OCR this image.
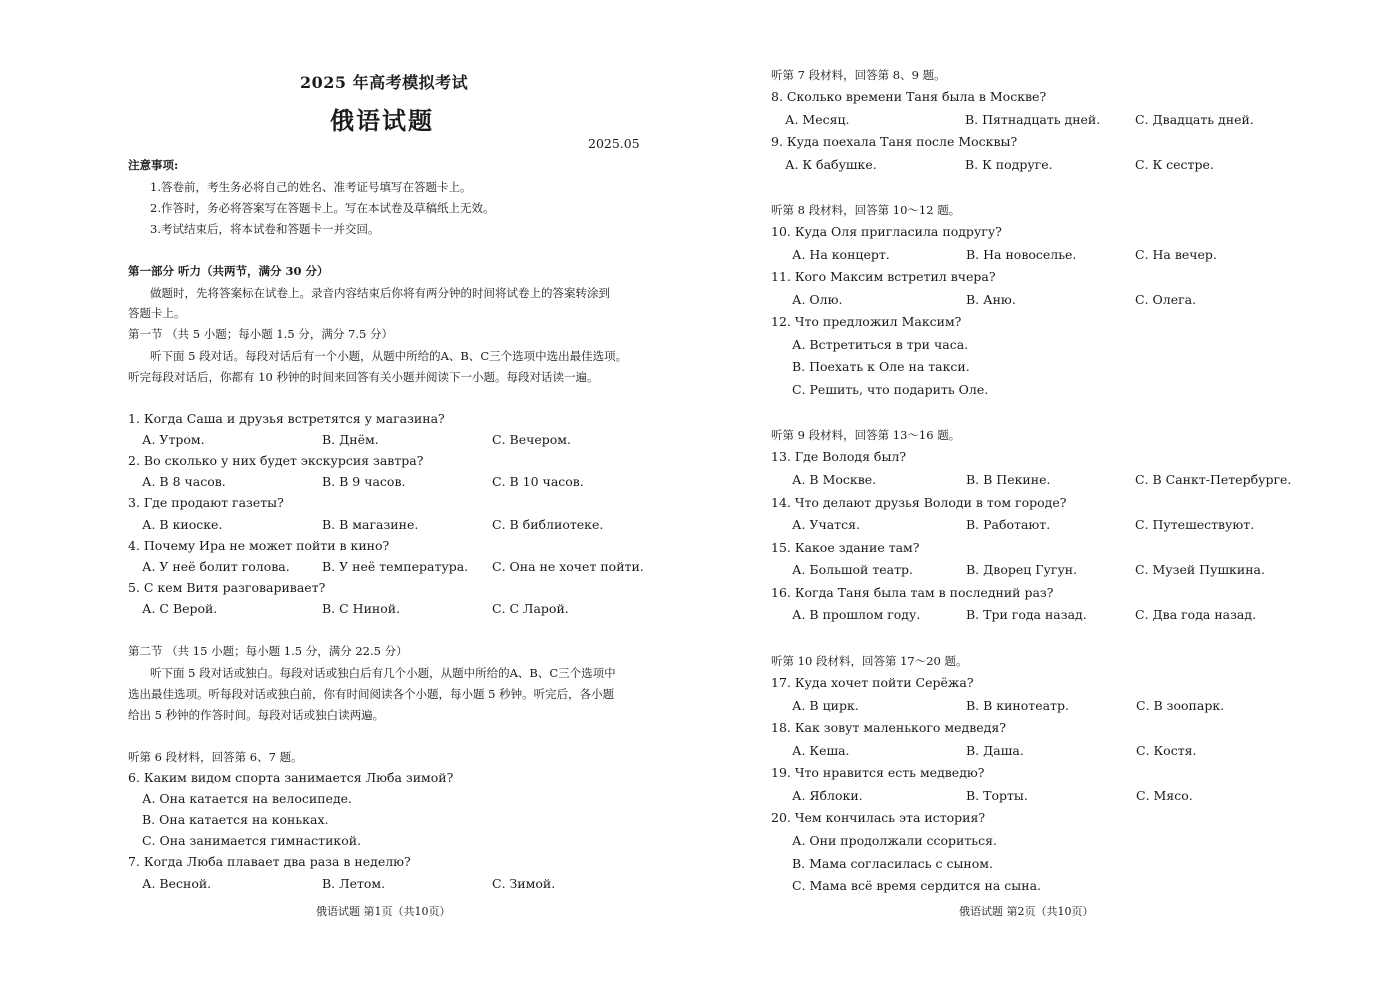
2025 年高考模拟考试
俄语试题
2025.05
注意事项:
1.答卷前，考生务必将自己的姓名、准考证号填写在答题卡上。
2.作答时，务必将答案写在答题卡上。写在本试卷及草稿纸上无效。
3.考试结束后，将本试卷和答题卡一并交回。
第一部分 听力（共两节，满分 30 分）
做题时，先将答案标在试卷上。录音内容结束后你将有两分钟的时间将试卷上的答案转涂到
答题卡上。
第一节 （共 5 小题；每小题 1.5 分，满分 7.5 分）
听下面 5 段对话。每段对话后有一个小题，从题中所给的A、B、C三个选项中选出最佳选项。
听完每段对话后，你都有 10 秒钟的时间来回答有关小题并阅读下一小题。每段对话读一遍。
1. Когда Саша и друзья встретятся у магазина?
А. Утром.	В. Днём.	С. Вечером.
2. Во сколько у них будет экскурсия завтра?
А. В 8 часов.	В. В 9 часов.	С. В 10 часов.
3. Где продают газеты?
А. В киоске.	В. В магазине.	С. В библиотеке.
4. Почему Ира не может пойти в кино?
А. У неё болит голова.	В. У неё температура. С. Она не хочет пойти.
5. С кем Витя разговаривает?
А. С Верой.	В. С Ниной.	С. С Ларой.
第二节 （共 15 小题；每小题 1.5 分，满分 22.5 分）
听下面 5 段对话或独白。每段对话或独白后有几个小题，从题中所给的A、B、C三个选项中
选出最佳选项。听每段对话或独白前，你有时间阅读各个小题，每小题 5 秒钟。听完后，各小题
给出 5 秒钟的作答时间。每段对话或独白读两遍。
听第 6 段材料，回答第 6、7 题。
6. Каким видом спорта занимается Люба зимой?
А. Она катается на велосипеде.
В. Она катается на коньках.
С. Она занимается гимнастикой.
7. Когда Люба плавает два раза в неделю?
А. Весной.	В. Летом.	С. Зимой.
俄语试题 第1页（共10页）
听第 7 段材料，回答第 8、9 题。
8. Сколько времени Таня была в Москве?
А. Месяц.	В. Пятнадцать дней.	С. Двадцать дней.
9. Куда поехала Таня после Москвы?
А. К бабушке.	В. К подруге.	С. К сестре.
听第 8 段材料，回答第 10～12 题。
10. Куда Оля пригласила подругу?
А. На концерт.	В. На новоселье.	С. На вечер.
11. Кого Максим встретил вчера?
А. Олю.	В. Аню.	С. Олега.
12. Что предложил Максим?
А. Встретиться в три часа.
В. Поехать к Оле на такси.
С. Решить, что подарить Оле.
听第 9 段材料，回答第 13～16 题。
13. Где Володя был?
А. В Москве.	В. В Пекине.	С. В Санкт-Петербурге.
14. Что делают друзья Володи в том городе?
А. Учатся.	В. Работают.	С. Путешествуют.
15. Какое здание там?
А. Большой театр.	В. Дворец Гугун.	С. Музей Пушкина.
16. Когда Таня была там в последний раз?
А. В прошлом году.	В. Три года назад.	С. Два года назад.
听第 10 段材料，回答第 17～20 题。
17. Куда хочет пойти Серёжа?
А. В цирк.	В. В кинотеатр.	С. В зоопарк.
18. Как зовут маленького медведя?
А. Кеша.	В. Даша.	С. Костя.
19. Что нравится есть медведю?
А. Яблоки.	В. Торты.	С. Мясо.
20. Чем кончилась эта история?
А. Они продолжали ссориться.
В. Мама согласилась с сыном.
С. Мама всё время сердится на сына.
俄语试题 第2页（共10页）
